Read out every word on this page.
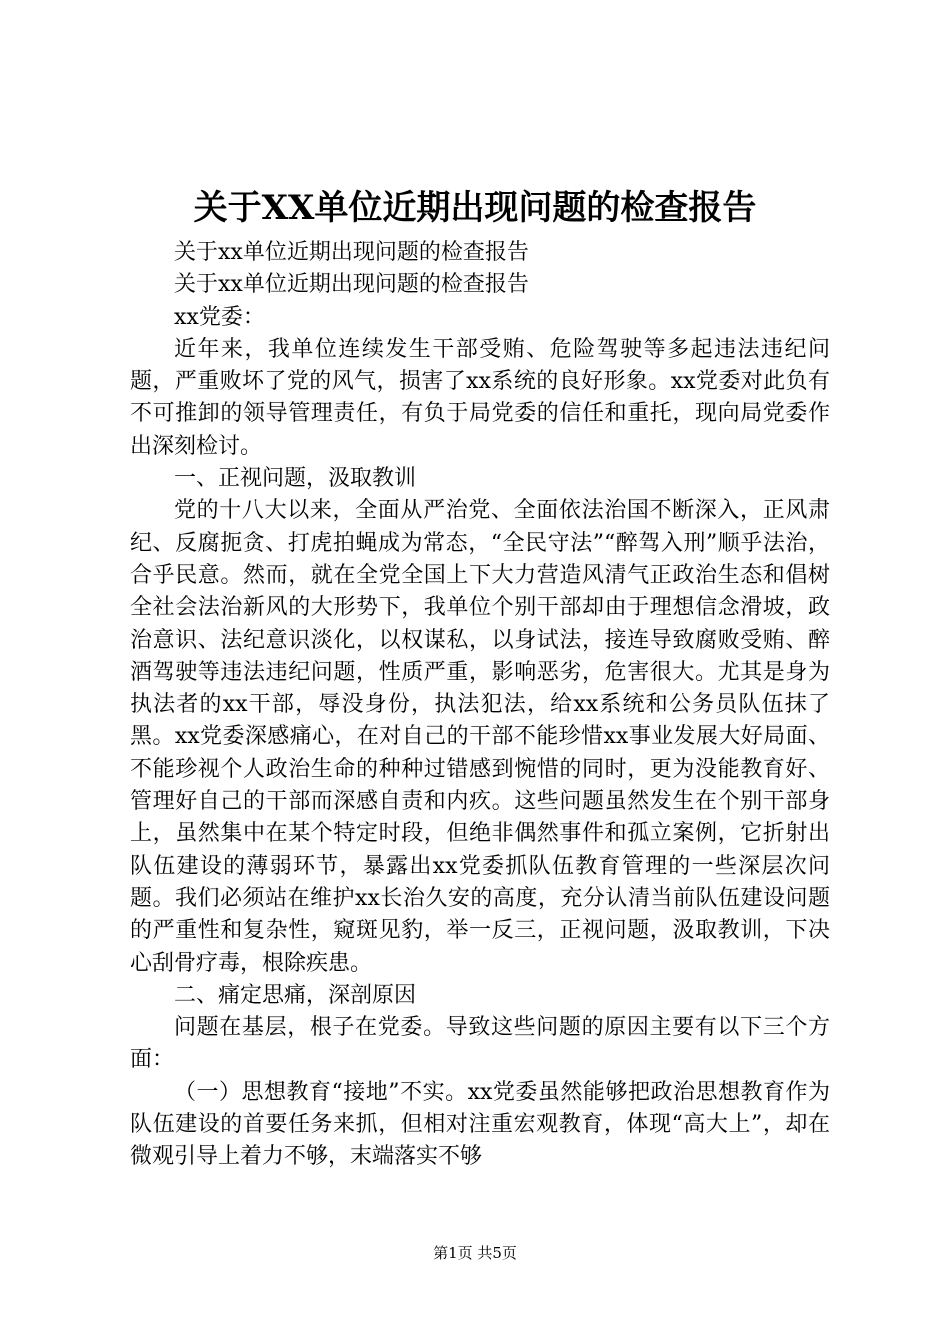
关于XX单位近期出现问题的检查报告

关于xx单位近期出现问题的检查报告

关于xx单位近期出现问题的检查报告

xx党委：

近年来，我单位连续发生干部受贿、危险驾驶等多起违法违纪问题，严重败坏了党的风气，损害了xx系统的良好形象。xx党委对此负有不可推卸的领导管理责任，有负于局党委的信任和重托，现向局党委作出深刻检讨。

一、正视问题，汲取教训

党的十八大以来，全面从严治党、全面依法治国不断深入，正风肃纪、反腐扼贪、打虎拍蝇成为常态，“全民守法”“醉驾入刑”顺乎法治，合乎民意。然而，就在全党全国上下大力营造风清气正政治生态和倡树全社会法治新风的大形势下，我单位个别干部却由于理想信念滑坡，政治意识、法纪意识淡化，以权谋私，以身试法，接连导致腐败受贿、醉酒驾驶等违法违纪问题，性质严重，影响恶劣，危害很大。尤其是身为执法者的xx干部，辱没身份，执法犯法，给xx系统和公务员队伍抹了黑。xx党委深感痛心，在对自己的干部不能珍惜xx事业发展大好局面、不能珍视个人政治生命的种种过错感到惋惜的同时，更为没能教育好、管理好自己的干部而深感自责和内疚。这些问题虽然发生在个别干部身上，虽然集中在某个特定时段，但绝非偶然事件和孤立案例，它折射出队伍建设的薄弱环节，暴露出xx党委抓队伍教育管理的一些深层次问题。我们必须站在维护xx长治久安的高度，充分认清当前队伍建设问题的严重性和复杂性，窥斑见豹，举一反三，正视问题，汲取教训，下决心刮骨疗毒，根除疾患。

二、痛定思痛，深剖原因

问题在基层，根子在党委。导致这些问题的原因主要有以下三个方面：

（一）思想教育“接地”不实。xx党委虽然能够把政治思想教育作为队伍建设的首要任务来抓，但相对注重宏观教育，体现“高大上”，却在微观引导上着力不够，末端落实不够

第1页 共5页
